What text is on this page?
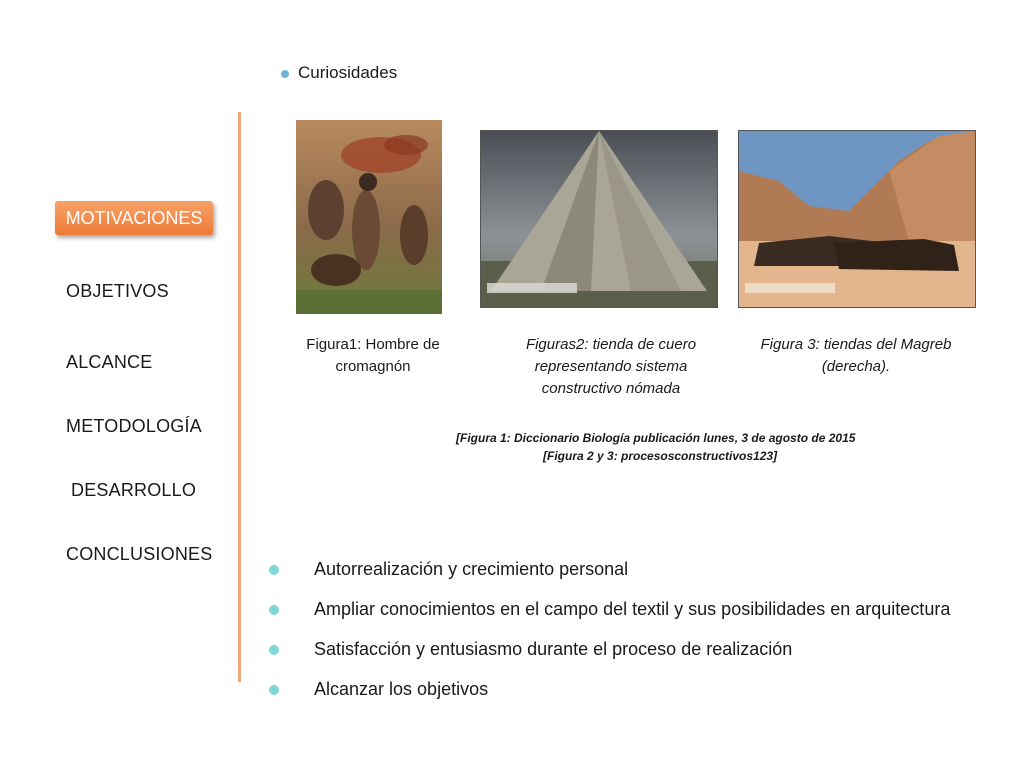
Curiosidades
MOTIVACIONES
OBJETIVOS
ALCANCE
METODOLOGÍA
DESARROLLO
CONCLUSIONES
Figura1: Hombre de
cromagnón
Figuras2: tienda de cuero
representando sistema
constructivo nómada
Figura 3: tiendas del Magreb
(derecha).
[Figura 1: Diccionario Biología publicación lunes, 3 de agosto de 2015
[Figura 2 y 3: procesosconstructivos123]
Autorrealización y crecimiento personal
Ampliar conocimientos en el campo del textil y sus posibilidades en arquitectura
Satisfacción y entusiasmo durante el proceso de realización
Alcanzar los objetivos
